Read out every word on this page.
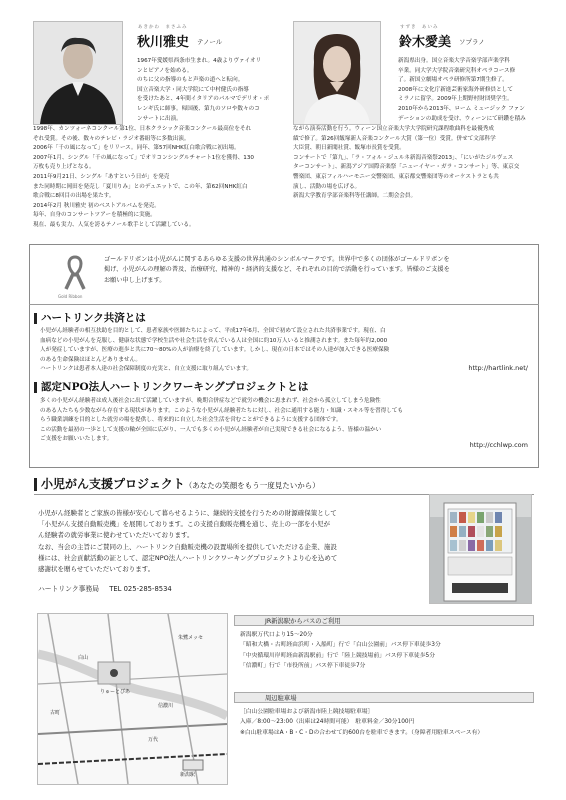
あきかわ　まさふみ
秋川雅史 テノール
1967年愛媛県西条市生まれ。4歳よりヴァイオリ
ンとピアノを始める。
のちに父の指導のもと声楽の道へと転向。
国立音楽大学・同大学院にて中村健氏の指導
を受けたあと、4年間イタリアのパルマでデリオ・ポ
レンギ氏に師事。帰国後、第九のソロや数々のコ
ンサートに出演。
1998年、カンツォーネコンクール第1位、日本クラシック音楽コンクール最高位をそれ
ぞれ受賞。その後、数々のテレビ・ラジオ番組等に多数出演。
2006年「千の風になって」をリリース。同年、第57回NHK紅白歌合戦に初出場。
2007年1月、シングル「千の風になって」でオリコンシングルチャート1位を獲得、130
万枚も売り上げとなる。
2011年9月21日、シングル「あすという日が」を発売
また同時期に岡田を発売し「夏川りみ」とのデュエットで、この年、第62回NHK紅白
歌合戦に8回目の出場を果たす。
2014年2月 秋川雅史 初のベストアルバムを発売。
毎年、自身のコンサートツアーを積極的に実施。
現在、最も実力、人気を誇るテノール歌手として活躍している。
すずき　あいみ
鈴木愛美 ソプラノ
新潟県出身。国立音楽大学音楽学部声楽学科
卒業。同大学大学院音楽研究科オペラコース修
了。新国立劇場オペラ研修所第7期生修了。
2008年に文化庁新進芸術家海外研修員として
ミラノに留学。2009年上期野村財団奨学生。
2010年から2013年、ローム ミュージック ファン
デーションの助成を受け、ウィーンにて研鑽を積み
ながら演奏活動を行う。ウィーン国立音楽大学大学院研究課程歌曲科を最優秀成
績で修了。第26回飯塚新人音楽コンクール大賞（第一位）受賞。併せて文部科学
大臣賞、朝日新聞社賞、飯塚市長賞を受賞。
コンサートで「第九」、「ラ・フォル・ジュルネ新潟音楽祭2013」、「にいがたジルヴェス
ターコンサート」、新潟アジア国際音楽祭「ニューイヤー・ガラ・コンサート」等、東京交
響楽団、東京フィルハーモニー交響楽団、東京都交響楽団等のオーケストラとも共
演し、活動の場を広げる。
新潟大学教育学部音楽科等任講師。二期会会員。
Gold Ribbon
ゴールドリボンは小児がんに関するあらゆる支援の世界共通のシンボルマークです。世界中で多くの団体がゴールドリボンを
掲げ、小児がんの理解の普及、治療研究、精神的・経済的支援など、それぞれの目的で活動を行っています。皆様のご支援を
お願い申し上げます。
ハートリンク共済とは
小児がん経験者の相互扶助を目的として、患者家族や医師たちによって、平成17年6月、全国で初めて設立された共済事業です。現在、白
血病などの小児がんを克服し、健康な状態で学校生活や社会生活を営んでいる人は全国に約10万人いると推測されます。また毎年約2,000
人が発症していますが、医療の進歩と共に70～80%の人が治療を終了しています。しかし、現在の日本ではその人達が加入できる医療保険
のある生命保険はほとんどありません。
ハートリンクは患者本人達の社会保障制度の充実と、自立支援に取り組んでいます。	http://hartlink.net/
認定NPO法人ハートリンクワーキングプロジェクトとは
多くの小児がん経験者は成人後社会に出て活躍していますが、晩期合併症などで就労の機会に恵まれず、社会から孤立してしまう危険性
のある人たちも少数ながら存在する現状があります。このような小児がん経験者たちに対し、社会に通用する能力・知識・スキル等を習得しても
らう職業訓練を目的とした就労の場を提供し、将来的に自立した社会生活を営むことができるように支援する団体です。
この活動を最初の一歩として支援の輪が全国に広がり、一人でも多くの小児がん経験者が自己実現できる社会になるよう、皆様の温かい
ご支援をお願いいたします。
http://cchlwp.com
小児がん支援プロジェクト（あなたの笑顔をもう一度見たいから）
小児がん経験者とご家族の皆様が安心して暮らせるように、継続的支援を行うための財源確保策として
「小児がん支援自動販売機」を展開しております。この支援自動販売機を通じ、売上の一部を小児が
ん経験者の就労事業に使わせていただいております。
なお、当会の主旨にご賛同の上、ハートリンク自動販売機の設置場所を提供していただける企業、施設
様には、社会貢献活動の証として、認定NPO法人ハートリンクワーキングプロジェクトより心を込めて
感謝状を贈らせていただいております。
ハートリンク事務局 TEL 025-285-8534
白山
りゅーとぴあ
朱鷺メッセ
信濃川
万代
古町
新潟駅
JR新潟駅からバスのご利用
新潟駅万代口より15～20分
「昭和大橋・古町経由浜町・入船町」行で「白山公園前」バス停下車徒歩3分
「中央循環川岸町経由新潟駅前」行で「陸上競技場前」バス停下車徒歩5分
「信濃町」行で「市役所前」バス停下車徒歩7分
周辺駐車場
［白山公園駐車場および新潟市陸上競技場駐車場］
入庫／8:00～23:00（出庫は24時間可能）　駐車料金／30分100円
※白山駐車場はA・B・C・Dの合わせて約600台を駐車できます。（身障者用駐車スペース有）
